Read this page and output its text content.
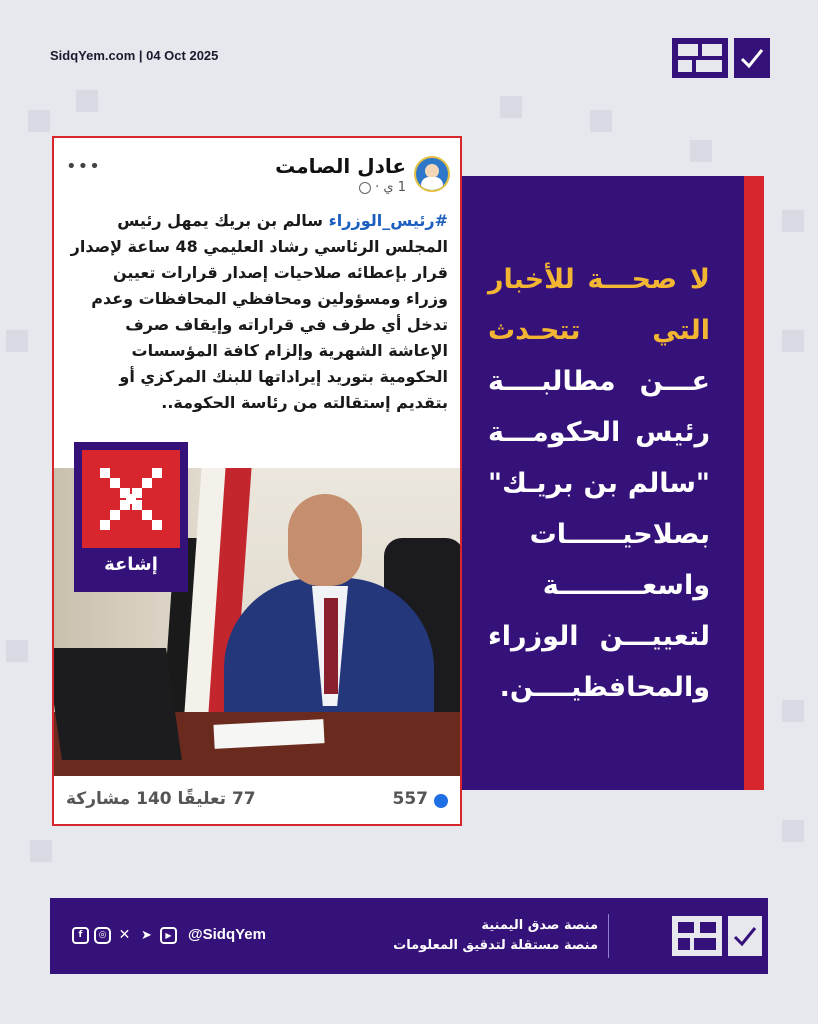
SidqYem.com | 04 Oct 2025
عادل الصامت
1 ي ·
•••
#رئيس_الوزراء سالم بن بريك يمهل رئيس المجلس الرئاسي رشاد العليمي 48 ساعة لإصدار قرار بإعطائه صلاحيات إصدار قرارات تعيين وزراء ومسؤولين ومحافظي المحافظات وعدم تدخل أي طرف في قراراته وإيقاف صرف الإعاشة الشهرية وإلزام كافة المؤسسات الحكومية بتوريد إيراداتها للبنك المركزي أو بتقديم إستقالته من رئاسة الحكومة..
إشاعة
557
77 تعليقًا 140 مشاركة
لا صحـــة للأخبار
التي تتحـدث
عـــن مطالبــــة
رئيس الحكومـــة
"سالم بن بريـك"
بصلاحيــــــات
واسعـــــــــة
لتعييـــن الوزراء
والمحافظيــــن.
منصة صدق اليمنية
منصة مستقلة لتدقيق المعلومات
f	◎ ✕ ➤	▶	@SidqYem
